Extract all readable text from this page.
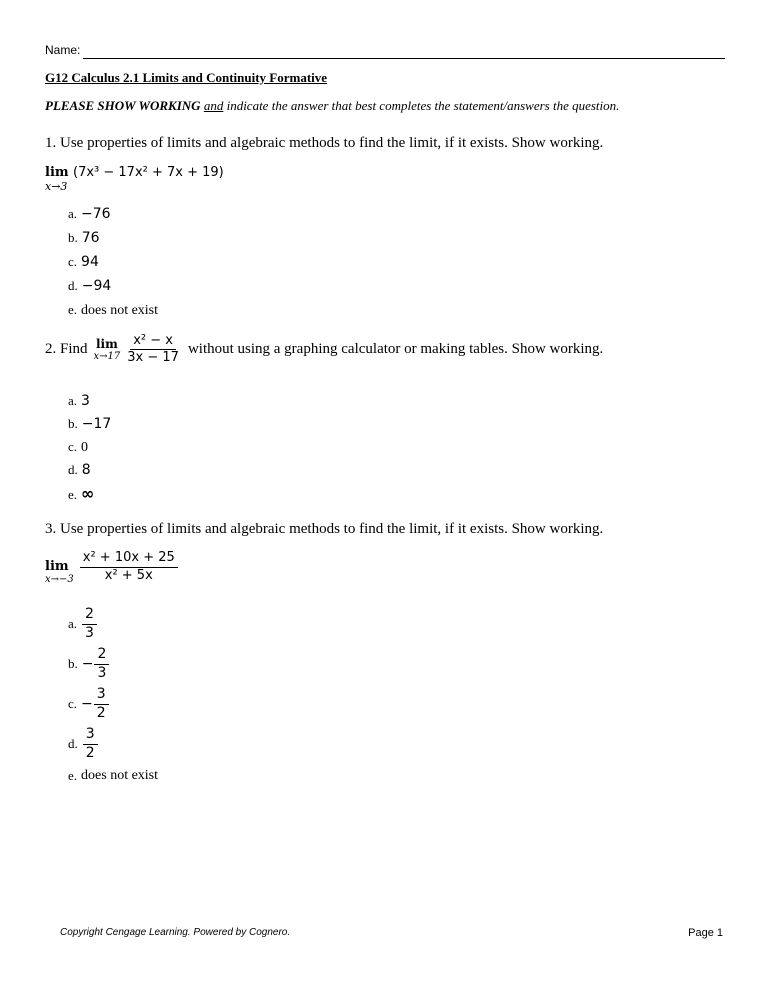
Name:
G12 Calculus 2.1 Limits and Continuity Formative
PLEASE SHOW WORKING and indicate the answer that best completes the statement/answers the question.
1. Use properties of limits and algebraic methods to find the limit, if it exists. Show working.
lim (7x³ − 17x² + 7x + 19)
x→3
a. −76
b. 76
c. 94
d. −94
e. does not exist
2. Find lim
$x\to 17 \frac{\text{x² − x}}{3x - 17}$ without using a graphing calculator or making tables. Show working.
a. 3
b. −17
c. 0
d. 8
e. ∞
3. Use properties of limits and algebraic methods to find the limit, if it exists. Show working.
lim
$x\to-3 \frac{\text{x² + 10x + 25}}{\text{x² + 5x}}$
a. $\frac{2}{3}$
b. − $\frac{2}{3}$
c. − $\frac{3}{2}$
d. $\frac{3}{2}$
e. does not exist
Copyright Cengage Learning. Powered by Cognero.	Page 1
